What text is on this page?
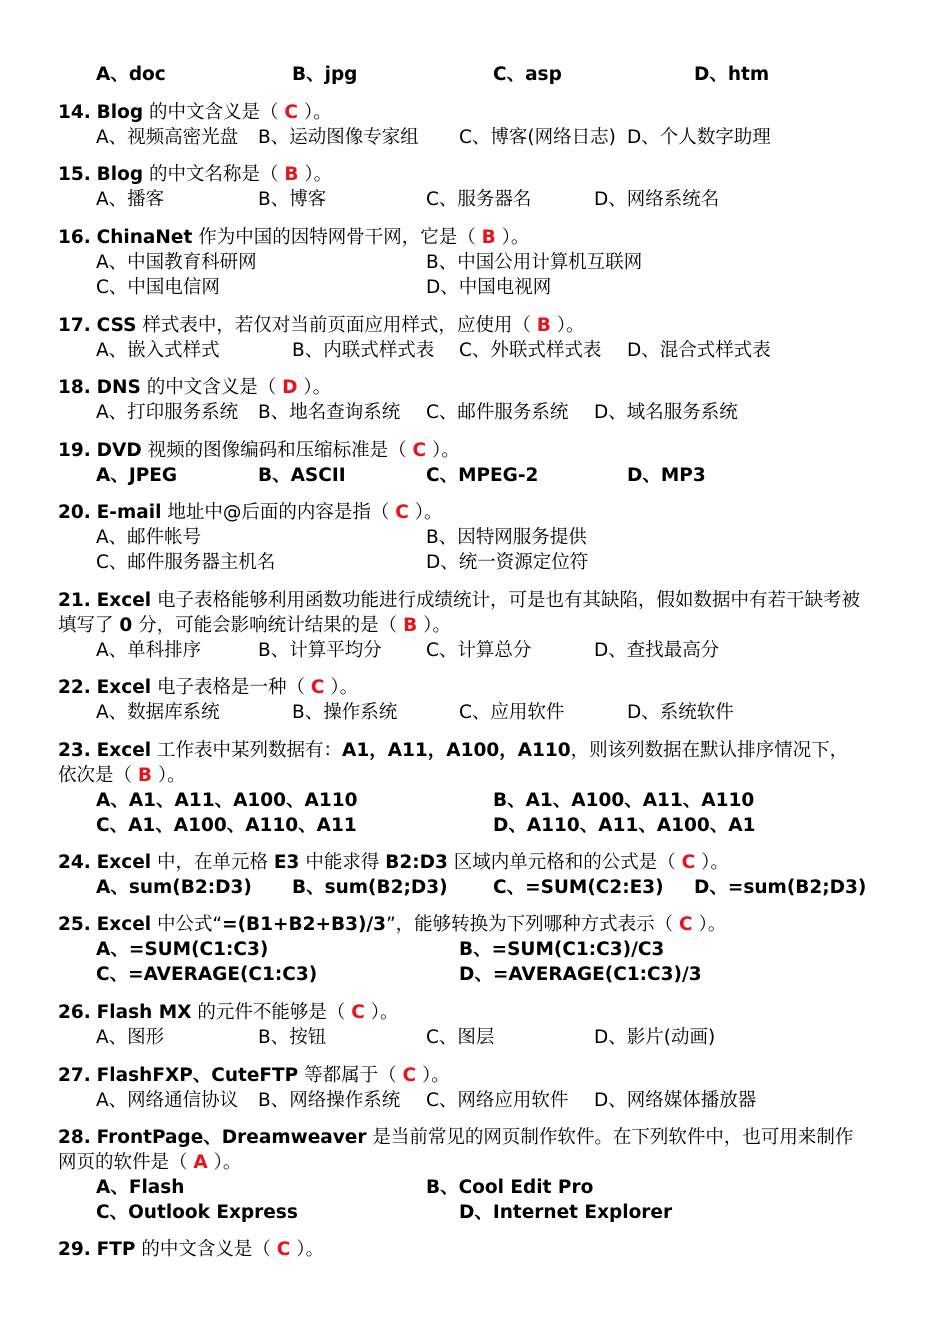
A、doc	B、jpg	C、asp	D、htm
14. Blog 的中文含义是（ C ）。
A、视频高密光盘 B、运动图像专家组 C、博客(网络日志) D、个人数字助理
15. Blog 的中文名称是（ B ）。
A、播客	B、博客	C、服务器名	D、网络系统名
16. ChinaNet 作为中国的因特网骨干网，它是（ B ）。
A、中国教育科研网	B、中国公用计算机互联网
C、中国电信网	D、中国电视网
17. CSS 样式表中，若仅对当前页面应用样式，应使用（ B ）。
A、嵌入式样式	B、内联式样式表 C、外联式样式表 D、混合式样式表
18. DNS 的中文含义是（ D ）。
A、打印服务系统 B、地名查询系统 C、邮件服务系统 D、域名服务系统
19. DVD 视频的图像编码和压缩标准是（ C ）。
A、JPEG	B、ASCII	C、MPEG-2	D、MP3
20. E-mail 地址中@后面的内容是指（ C ）。
A、邮件帐号	B、因特网服务提供
C、邮件服务器主机名	D、统一资源定位符
21. Excel 电子表格能够利用函数功能进行成绩统计，可是也有其缺陷，假如数据中有若干缺考被
填写了 0 分，可能会影响统计结果的是（ B ）。
A、单科排序	B、计算平均分 C、计算总分	D、查找最高分
22. Excel 电子表格是一种（ C ）。
A、数据库系统	B、操作系统	C、应用软件	D、系统软件
23. Excel 工作表中某列数据有：A1，A11，A100，A110，则该列数据在默认排序情况下，
依次是（ B ）。
A、A1、A11、A100、A110	B、A1、A100、A11、A110
C、A1、A100、A110、A11	D、A110、A11、A100、A1
24. Excel 中，在单元格 E3 中能求得 B2:D3 区域内单元格和的公式是（ C ）。
A、sum(B2:D3) B、sum(B2;D3) C、=SUM(C2:E3) D、=sum(B2;D3)
25. Excel 中公式“=(B1+B2+B3)/3”，能够转换为下列哪种方式表示（ C ）。
A、=SUM(C1:C3)	B、=SUM(C1:C3)/C3
C、=AVERAGE(C1:C3)	D、=AVERAGE(C1:C3)/3
26. Flash MX 的元件不能够是（ C ）。
A、图形	B、按钮	C、图层	D、影片(动画)
27. FlashFXP、CuteFTP 等都属于（ C ）。
A、网络通信协议 B、网络操作系统 C、网络应用软件 D、网络媒体播放器
28. FrontPage、Dreamweaver 是当前常见的网页制作软件。在下列软件中，也可用来制作
网页的软件是（ A ）。
A、Flash	B、Cool Edit Pro
C、Outlook Express	D、Internet Explorer
29. FTP 的中文含义是（ C ）。
